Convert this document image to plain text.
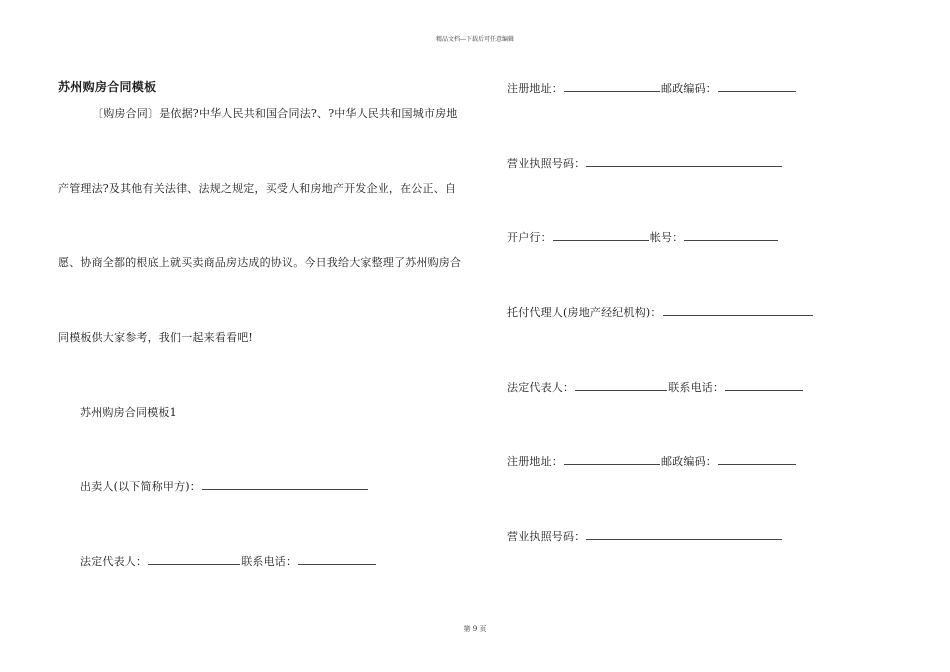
精品文档---下载后可任意编辑
苏州购房合同模板
〔购房合同〕是依据?中华人民共和国合同法?、?中华人民共和国城市房地
产管理法?及其他有关法律、法规之规定，买受人和房地产开发企业，在公正、自
愿、协商全都的根底上就买卖商品房达成的协议。今日我给大家整理了苏州购房合
同模板供大家参考，我们一起来看看吧!
苏州购房合同模板1
出卖人(以下简称甲方)：
法定代表人：	联系电话：
注册地址：	邮政编码：
营业执照号码：
开户行：	帐号：
托付代理人(房地产经纪机构)：
法定代表人：	联系电话：
注册地址：	邮政编码：
营业执照号码：
第 9 页
